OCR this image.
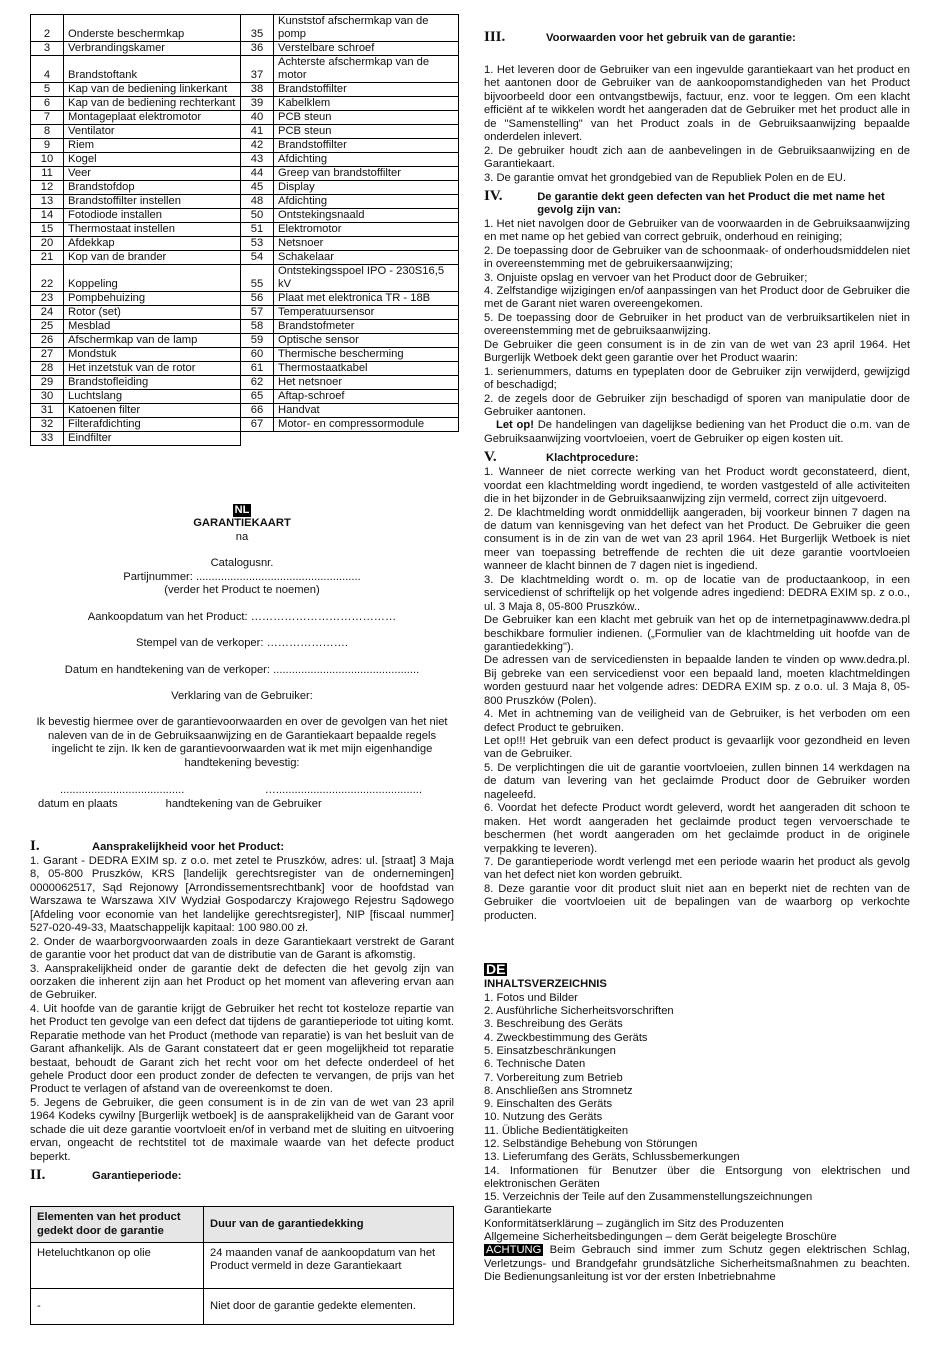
2	Onderste beschermkap	35	Kunststof afschermkap van de pomp
3	Verbrandingskamer	36	Verstelbare schroef
4	Brandstoftank	37	Achterste afschermkap van de motor
5	Kap van de bediening linkerkant	38	Brandstoffilter
6	Kap van de bediening rechterkant	39	Kabelklem
7	Montageplaat elektromotor	40	PCB steun
8	Ventilator	41	PCB steun
9	Riem	42	Brandstoffilter
10	Kogel	43	Afdichting
11	Veer	44	Greep van brandstoffilter
12	Brandstofdop	45	Display
13	Brandstoffilter instellen	48	Afdichting
14	Fotodiode installen	50	Ontstekingsnaald
15	Thermostaat instellen	51	Elektromotor
20	Afdekkap	53	Netsnoer
21	Kop van de brander	54	Schakelaar
22	Koppeling	55	Ontstekingsspoel IPO - 230S16,5 kV
23	Pompbehuizing	56	Plaat met elektronica TR - 18B
24	Rotor (set)	57	Temperatuursensor
25	Mesblad	58	Brandstofmeter
26	Afschermkap van de lamp	59	Optische sensor
27	Mondstuk	60	Thermische bescherming
28	Het inzetstuk van de rotor	61	Thermostaatkabel
29	Brandstofleiding	62	Het netsnoer
30	Luchtslang	65	Aftap-schroef
31	Katoenen filter	66	Handvat
32	Filterafdichting	67	Motor- en compressormodule
33	Eindfilter		

NL

GARANTIEKAART

na

Catalogusnr.

Partijnummer: .....................................................

(verder het Product te noemen)

Aankoopdatum van het Product: …………………………………

Stempel van de verkoper: ………………….

Datum en handtekening van de verkoper: ...............................................

Verklaring van de Gebruiker:

Ik bevestig hiermee over de garantievoorwaarden en over de gevolgen van het niet naleven van de in de Gebruiksaanwijzing en de Garantiekaart bepaalde regels ingelicht te zijn. Ik ken de garantievoorwaarden wat ik met mijn eigenhandige handtekening bevestig:

........................................	…...............................................
datum en plaats	handtekening van de Gebruiker
I.	Aansprakelijkheid voor het Product:

1. Garant - DEDRA EXIM sp. z o.o. met zetel te Pruszków, adres: ul. [straat] 3 Maja 8, 05-800 Pruszków, KRS [landelijk gerechtsregister van de ondernemingen] 0000062517, Sąd Rejonowy [Arrondissementsrechtbank] voor de hoofdstad van Warszawa te Warszawa XIV Wydział Gospodarczy Krajowego Rejestru Sądowego [Afdeling voor economie van het landelijke gerechtsregister], NIP [fiscaal nummer] 527-020-49-33, Maatschappelijk kapitaal: 100 980.00 zł.

2. Onder de waarborgvoorwaarden zoals in deze Garantiekaart verstrekt de Garant de garantie voor het product dat van de distributie van de Garant is afkomstig.

3. Aansprakelijkheid onder de garantie dekt de defecten die het gevolg zijn van oorzaken die inherent zijn aan het Product op het moment van aflevering ervan aan de Gebruiker.

4. Uit hoofde van de garantie krijgt de Gebruiker het recht tot kosteloze repartie van het Product ten gevolge van een defect dat tijdens de garantieperiode tot uiting komt. Reparatie methode van het Product (methode van reparatie) is van het besluit van de Garant afhankelijk. Als de Garant constateert dat er geen mogelijkheid tot reparatie bestaat, behoudt de Garant zich het recht voor om het defecte onderdeel of het gehele Product door een product zonder de defecten te vervangen, de prijs van het Product te verlagen of afstand van de overeenkomst te doen.

5. Jegens de Gebruiker, die geen consument is in de zin van de wet van 23 april 1964 Kodeks cywilny [Burgerlijk wetboek] is de aansprakelijkheid van de Garant voor schade die uit deze garantie voortvloeit en/of in verband met de sluiting en uitvoering ervan, ongeacht de rechtstitel tot de maximale waarde van het defecte product beperkt.

II.	Garantieperiode:
Elementen van het product gedekt door de garantie	Duur van de garantiedekking
Heteluchtkanon op olie	24 maanden vanaf de aankoopdatum van het Product vermeld in deze Garantiekaart
-	Niet door de garantie gedekte elementen.
III.	Voorwaarden voor het gebruik van de garantie:

1. Het leveren door de Gebruiker van een ingevulde garantiekaart van het product en het aantonen door de Gebruiker van de aankoopomstandigheden van het Product bijvoorbeeld door een ontvangstbewijs, factuur, enz. voor te leggen. Om een klacht efficiënt af te wikkelen wordt het aangeraden dat de Gebruiker met het product alle in de "Samenstelling" van het Product zoals in de Gebruiksaanwijzing bepaalde onderdelen inlevert.

2. De gebruiker houdt zich aan de aanbevelingen in de Gebruiksaanwijzing en de Garantiekaart.

3. De garantie omvat het grondgebied van de Republiek Polen en de EU.

IV.	De garantie dekt geen defecten van het Product die met name het gevolg zijn van:

1. Het niet navolgen door de Gebruiker van de voorwaarden in de Gebruiksaanwijzing en met name op het gebied van correct gebruik, onderhoud en reiniging;

2. De toepassing door de Gebruiker van de schoonmaak- of onderhoudsmiddelen niet in overeenstemming met de gebruikersaanwijzing;

3. Onjuiste opslag en vervoer van het Product door de Gebruiker;

4. Zelfstandige wijzigingen en/of aanpassingen van het Product door de Gebruiker die met de Garant niet waren overeengekomen.

5. De toepassing door de Gebruiker in het product van de verbruiksartikelen niet in overeenstemming met de gebruiksaanwijzing.

De Gebruiker die geen consument is in de zin van de wet van 23 april 1964. Het Burgerlijk Wetboek dekt geen garantie over het Product waarin:

1. serienummers, datums en typeplaten door de Gebruiker zijn verwijderd, gewijzigd of beschadigd;

2. de zegels door de Gebruiker zijn beschadigd of sporen van manipulatie door de Gebruiker aantonen.

Let op! De handelingen van dagelijkse bediening van het Product die o.m. van de Gebruiksaanwijzing voortvloeien, voert de Gebruiker op eigen kosten uit.

V.	Klachtprocedure:

1. Wanneer de niet correcte werking van het Product wordt geconstateerd, dient, voordat een klachtmelding wordt ingediend, te worden vastgesteld of alle activiteiten die in het bijzonder in de Gebruiksaanwijzing zijn vermeld, correct zijn uitgevoerd.

2. De klachtmelding wordt onmiddellijk aangeraden, bij voorkeur binnen 7 dagen na de datum van kennisgeving van het defect van het Product. De Gebruiker die geen consument is in de zin van de wet van 23 april 1964. Het Burgerlijk Wetboek is niet meer van toepassing betreffende de rechten die uit deze garantie voortvloeien wanneer de klacht binnen de 7 dagen niet is ingediend.

3. De klachtmelding wordt o. m. op de locatie van de productaankoop, in een servicedienst of schriftelijk op het volgende adres ingediend: DEDRA EXIM sp. z o.o., ul. 3 Maja 8, 05-800 Pruszków..

De Gebruiker kan een klacht met gebruik van het op de internetpaginawww.dedra.pl beschikbare formulier indienen. („Formulier van de klachtmelding uit hoofde van de garantiedekking").

De adressen van de servicediensten in bepaalde landen te vinden op www.dedra.pl. Bij gebreke van een servicedienst voor een bepaald land, moeten klachtmeldingen worden gestuurd naar het volgende adres: DEDRA EXIM sp. z o.o. ul. 3 Maja 8, 05-800 Pruszków (Polen).

4. Met in achtneming van de veiligheid van de Gebruiker, is het verboden om een defect Product te gebruiken.

Let op!!! Het gebruik van een defect product is gevaarlijk voor gezondheid en leven van de Gebruiker.

5. De verplichtingen die uit de garantie voortvloeien, zullen binnen 14 werkdagen na de datum van levering van het geclaimde Product door de Gebruiker worden nageleefd.

6. Voordat het defecte Product wordt geleverd, wordt het aangeraden dit schoon te maken. Het wordt aangeraden het geclaimde product tegen vervoerschade te beschermen (het wordt aangeraden om het geclaimde product in de originele verpakking te leveren).

7. De garantieperiode wordt verlengd met een periode waarin het product als gevolg van het defect niet kon worden gebruikt.

8. Deze garantie voor dit product sluit niet aan en beperkt niet de rechten van de Gebruiker die voortvloeien uit de bepalingen van de waarborg op verkochte producten.

DE

INHALTSVERZEICHNIS

1. Fotos und Bilder

2. Ausführliche Sicherheitsvorschriften

3. Beschreibung des Geräts

4. Zweckbestimmung des Geräts

5. Einsatzbeschränkungen

6. Technische Daten

7. Vorbereitung zum Betrieb

8. Anschließen ans Stromnetz

9. Einschalten des Geräts

10. Nutzung des Geräts

11. Übliche Bedientätigkeiten

12. Selbständige Behebung von Störungen

13. Lieferumfang des Geräts, Schlussbemerkungen

14. Informationen für Benutzer über die Entsorgung von elektrischen und elektronischen Geräten

15. Verzeichnis der Teile auf den Zusammenstellungszeichnungen

Garantiekarte

Konformitätserklärung – zugänglich im Sitz des Produzenten

Allgemeine Sicherheitsbedingungen – dem Gerät beigelegte Broschüre

ACHTUNG Beim Gebrauch sind immer zum Schutz gegen elektrischen Schlag, Verletzungs- und Brandgefahr grundsätzliche Sicherheitsmaßnahmen zu beachten. Die Bedienungsanleitung ist vor der ersten Inbetriebnahme
